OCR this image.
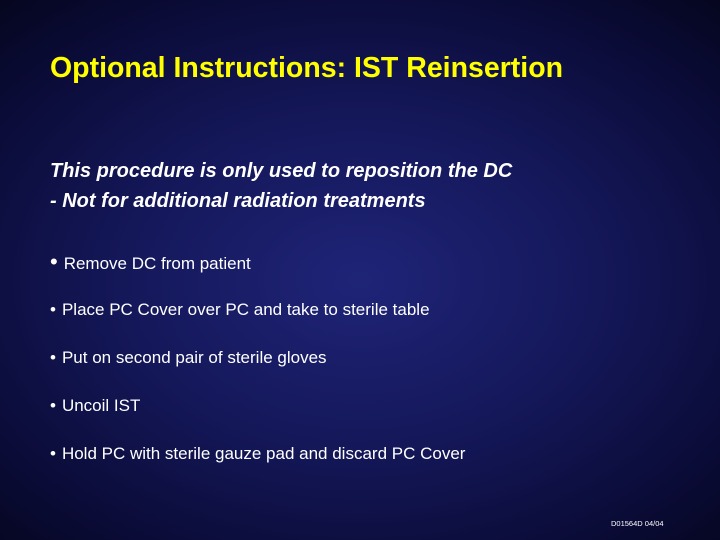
Optional Instructions: IST Reinsertion
This procedure is only used to reposition the DC
- Not for additional radiation treatments
• Remove DC from patient
• Place PC Cover over PC and take to sterile table
• Put on second pair of sterile gloves
• Uncoil IST
• Hold PC with sterile gauze pad and discard PC Cover
D01564D 04/04
